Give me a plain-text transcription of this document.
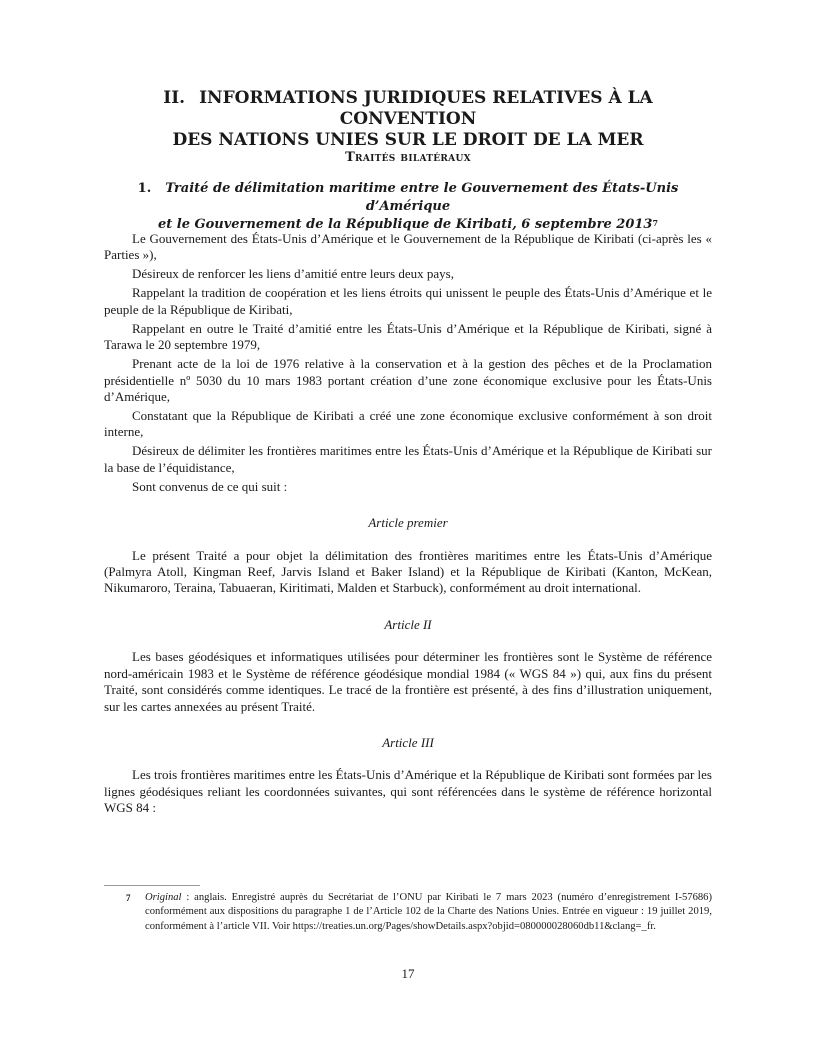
II. INFORMATIONS JURIDIQUES RELATIVES À LA CONVENTION
DES NATIONS UNIES SUR LE DROIT DE LA MER
Traités bilatéraux
1. Traité de délimitation maritime entre le Gouvernement des États-Unis d’Amérique
et le Gouvernement de la République de Kiribati, 6 septembre 2013$^7$

Le Gouvernement des États-Unis d’Amérique et le Gouvernement de la République de Kiribati (ci-après les « Parties »),

Désireux de renforcer les liens d’amitié entre leurs deux pays,

Rappelant la tradition de coopération et les liens étroits qui unissent le peuple des États-Unis d’Amérique et le peuple de la République de Kiribati,

Rappelant en outre le Traité d’amitié entre les États-Unis d’Amérique et la République de Kiribati, signé à Tarawa le 20 septembre 1979,

Prenant acte de la loi de 1976 relative à la conservation et à la gestion des pêches et de la Proclamation présidentielle nº 5030 du 10 mars 1983 portant création d’une zone économique exclusive pour les États-Unis d’Amérique,

Constatant que la République de Kiribati a créé une zone économique exclusive conformément à son droit interne,

Désireux de délimiter les frontières maritimes entre les États-Unis d’Amérique et la République de Kiribati sur la base de l’équidistance,

Sont convenus de ce qui suit :

Article premier

Le présent Traité a pour objet la délimitation des frontières maritimes entre les États-Unis d’Amérique (Palmyra Atoll, Kingman Reef, Jarvis Island et Baker Island) et la République de Kiribati (Kanton, McKean, Nikumaroro, Teraina, Tabuaeran, Kiritimati, Malden et Starbuck), conformément au droit international.

Article II

Les bases géodésiques et informatiques utilisées pour déterminer les frontières sont le Système de référence nord-américain 1983 et le Système de référence géodésique mondial 1984 (« WGS 84 ») qui, aux fins du présent Traité, sont considérés comme identiques. Le tracé de la frontière est présenté, à des fins d’illustration uniquement, sur les cartes annexées au présent Traité.

Article III

Les trois frontières maritimes entre les États-Unis d’Amérique et la République de Kiribati sont formées par les lignes géodésiques reliant les coordonnées suivantes, qui sont référencées dans le système de référence horizontal WGS 84 :

7 Original : anglais. Enregistré auprès du Secrétariat de l’ONU par Kiribati le 7 mars 2023 (numéro d’enregistrement I-57686) conformément aux dispositions du paragraphe 1 de l’Article 102 de la Charte des Nations Unies. Entrée en vigueur : 19 juillet 2019, conformément à l’article VII. Voir https://treaties.un.org/Pages/showDetails.aspx?objid=080000028060db11&clang=_fr.
17
